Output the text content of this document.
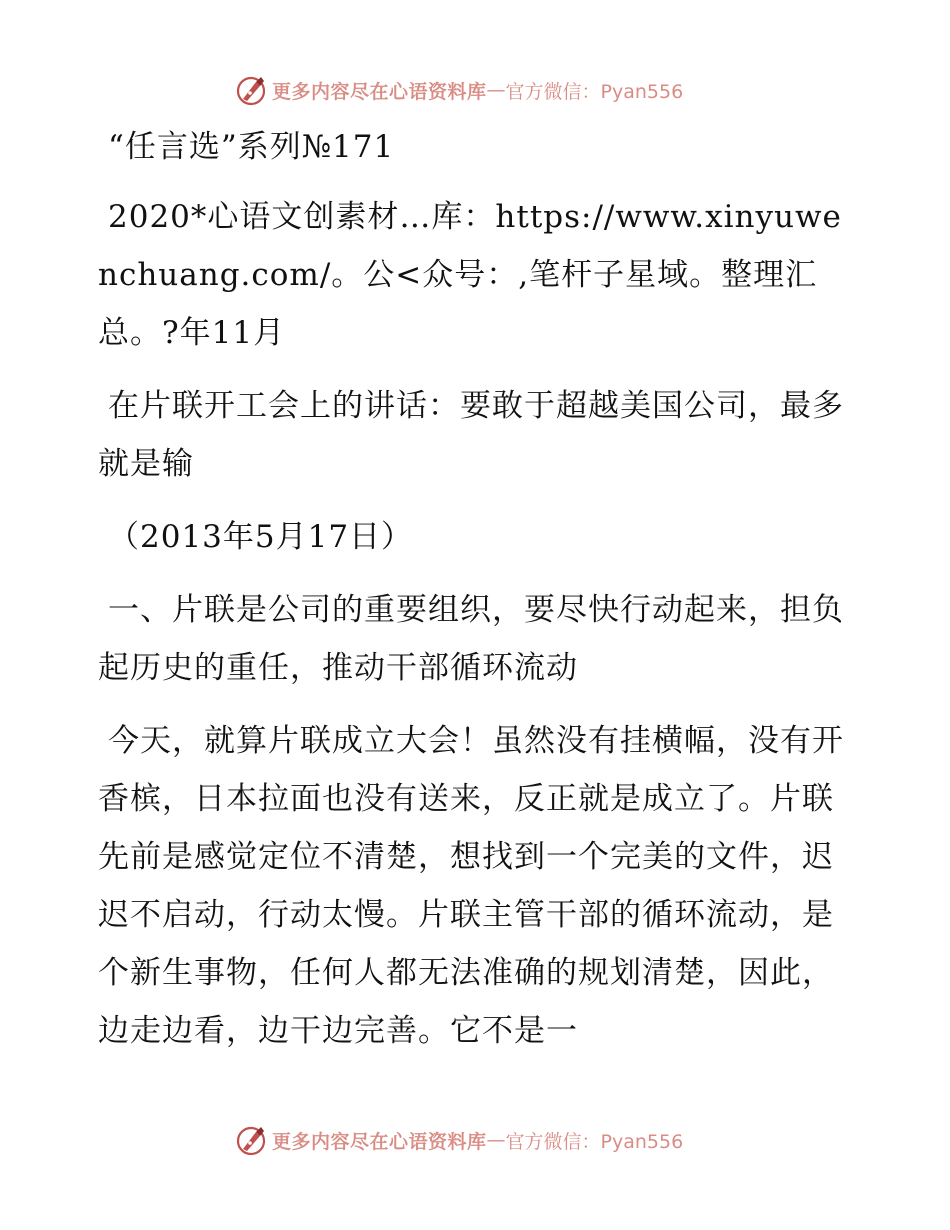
更多内容尽在心语资料库 — 官方微信：Pyan556

“任言选”系列№171

2020*心语文创素材…库：https://www.xinyuwenchuang.com/。公<众号：,笔杆子星域。整理汇总。?年11月

在片联开工会上的讲话：要敢于超越美国公司，最多就是输

（2013年5月17日）

一、片联是公司的重要组织，要尽快行动起来，担负起历史的重任，推动干部循环流动

今天，就算片联成立大会！虽然没有挂横幅，没有开香槟，日本拉面也没有送来，反正就是成立了。片联先前是感觉定位不清楚，想找到一个完美的文件，迟迟不启动，行动太慢。片联主管干部的循环流动，是个新生事物，任何人都无法准确的规划清楚，因此，边走边看，边干边完善。它不是一

更多内容尽在心语资料库 — 官方微信：Pyan556
